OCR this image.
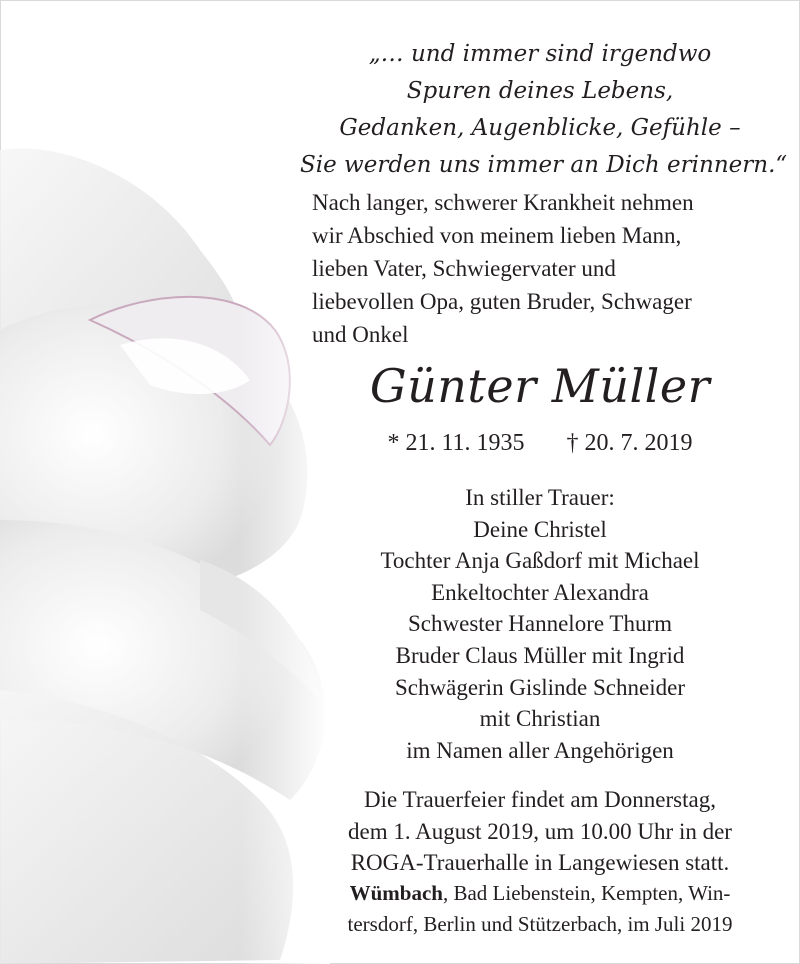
„… und immer sind irgendwo
Spuren deines Lebens,
Gedanken, Augenblicke, Gefühle –
Sie werden uns immer an Dich erinnern.“
Nach langer, schwerer Krankheit nehmen
wir Abschied von meinem lieben Mann,
lieben Vater, Schwiegervater und
liebevollen Opa, guten Bruder, Schwager
und Onkel
Günter Müller
* 21. 11. 1935 † 20. 7. 2019
In stiller Trauer:
Deine Christel
Tochter Anja Gaßdorf mit Michael
Enkeltochter Alexandra
Schwester Hannelore Thurm
Bruder Claus Müller mit Ingrid
Schwägerin Gislinde Schneider
mit Christian
im Namen aller Angehörigen
Die Trauerfeier findet am Donnerstag,
dem 1. August 2019, um 10.00 Uhr in der
ROGA-Trauerhalle in Langewiesen statt.
Wümbach, Bad Liebenstein, Kempten, Win-
tersdorf, Berlin und Stützerbach, im Juli 2019
